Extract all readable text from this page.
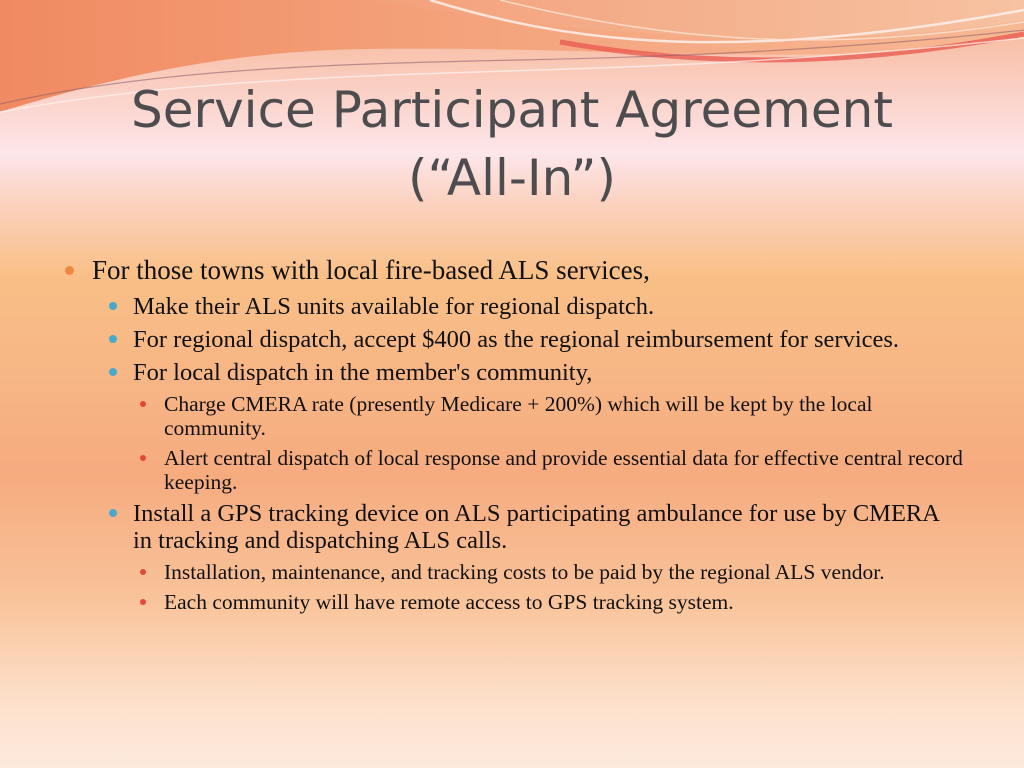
Service Participant Agreement
(“All-In”)
For those towns with local fire-based ALS services,
Make their ALS units available for regional dispatch.
For regional dispatch, accept $400 as the regional reimbursement for services.
For local dispatch in the member's community,
Charge CMERA rate (presently Medicare + 200%) which will be kept by the local community.
Alert central dispatch of local response and provide essential data for effective central record keeping.
Install a GPS tracking device on ALS participating ambulance for use by CMERA in tracking and dispatching ALS calls.
Installation, maintenance, and tracking costs to be paid by the regional ALS vendor.
Each community will have remote access to GPS tracking system.
